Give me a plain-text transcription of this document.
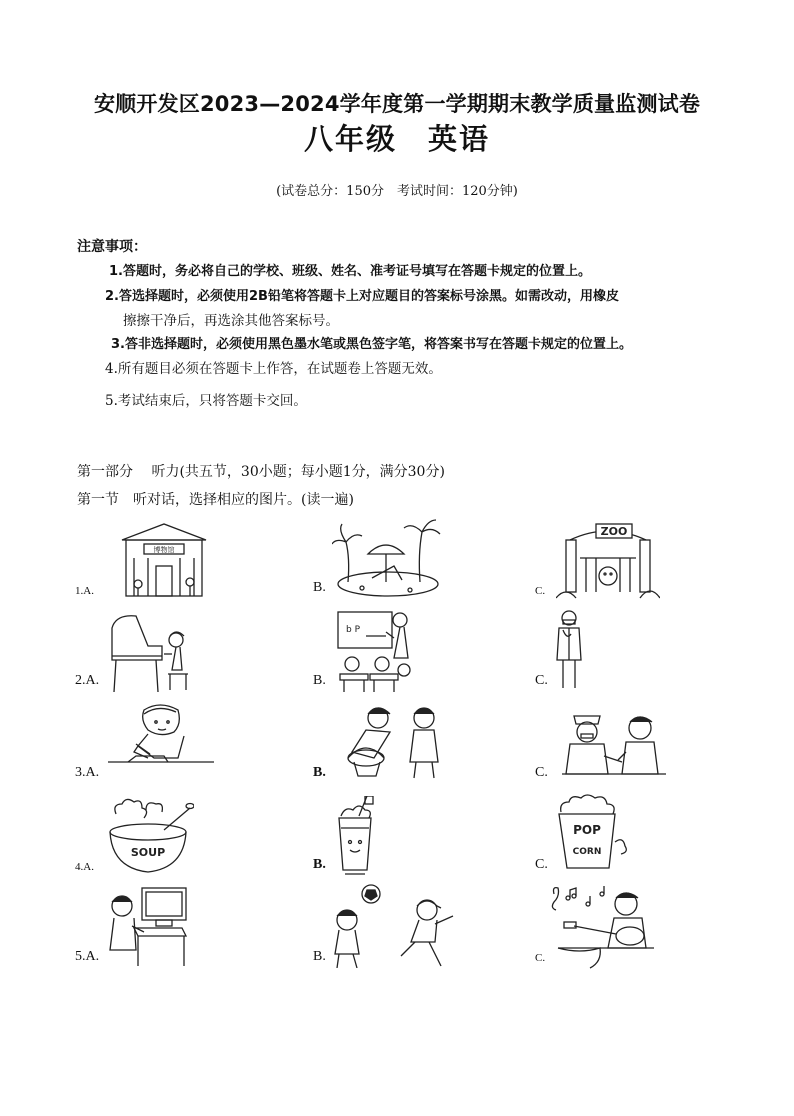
安顺开发区2023—2024学年度第一学期期末教学质量监测试卷
八年级　英语
(试卷总分：150分　考试时间：120分钟)
注意事项：
1.答题时，务必将自己的学校、班级、姓名、准考证号填写在答题卡规定的位置上。
2.答选择题时，必须使用2B铅笔将答题卡上对应题目的答案标号涂黑。如需改动，用橡皮
擦擦干净后，再选涂其他答案标号。
3.答非选择题时，必须使用黑色墨水笔或黑色签字笔，将答案书写在答题卡规定的位置上。
4.所有题目必须在答题卡上作答，在试题卷上答题无效。
5.考试结束后，只将答题卡交回。
第一部分　 听力(共五节，30小题；每小题1分，满分30分)
第一节　听对话，选择相应的图片。(读一遍)
1.A.
博物馆
B.	C.
ZOO
2.A.	B.
b P
C.
3.A.	B.	C.
4.A.
SOUP
B.	C.
POP
CORN
5.A.	B.	C.
